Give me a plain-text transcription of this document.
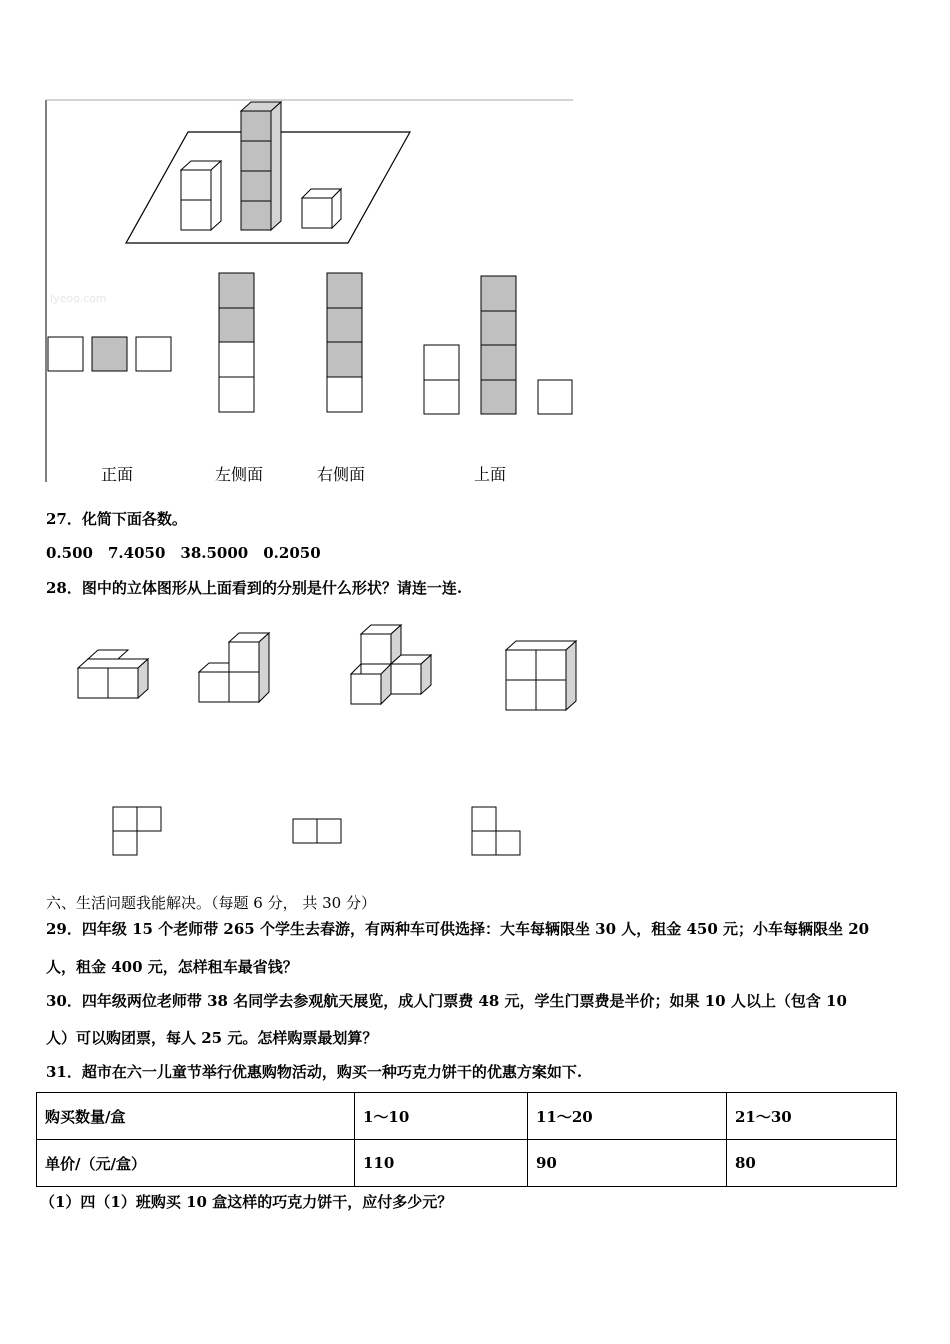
lyeoo.com
正面	左侧面	右侧面	上面
27．化简下面各数。
0.500　7.4050　38.5000　0.2050
28．图中的立体图形从上面看到的分别是什么形状？请连一连.
六、生活问题我能解决。（每题 6 分， 共 30 分）
29．四年级 15 个老师带 265 个学生去春游，有两种车可供选择：大车每辆限坐 30 人，租金 450 元；小车每辆限坐 20
人，租金 400 元，怎样租车最省钱？
30．四年级两位老师带 38 名同学去参观航天展览，成人门票费 48 元，学生门票费是半价；如果 10 人以上（包含 10
人）可以购团票，每人 25 元。怎样购票最划算？
31．超市在六一儿童节举行优惠购物活动，购买一种巧克力饼干的优惠方案如下.
购买数量/盒	1～10	11～20	21～30
单价/（元/盒）	110	90	80
（1）四（1）班购买 10 盒这样的巧克力饼干，应付多少元？
